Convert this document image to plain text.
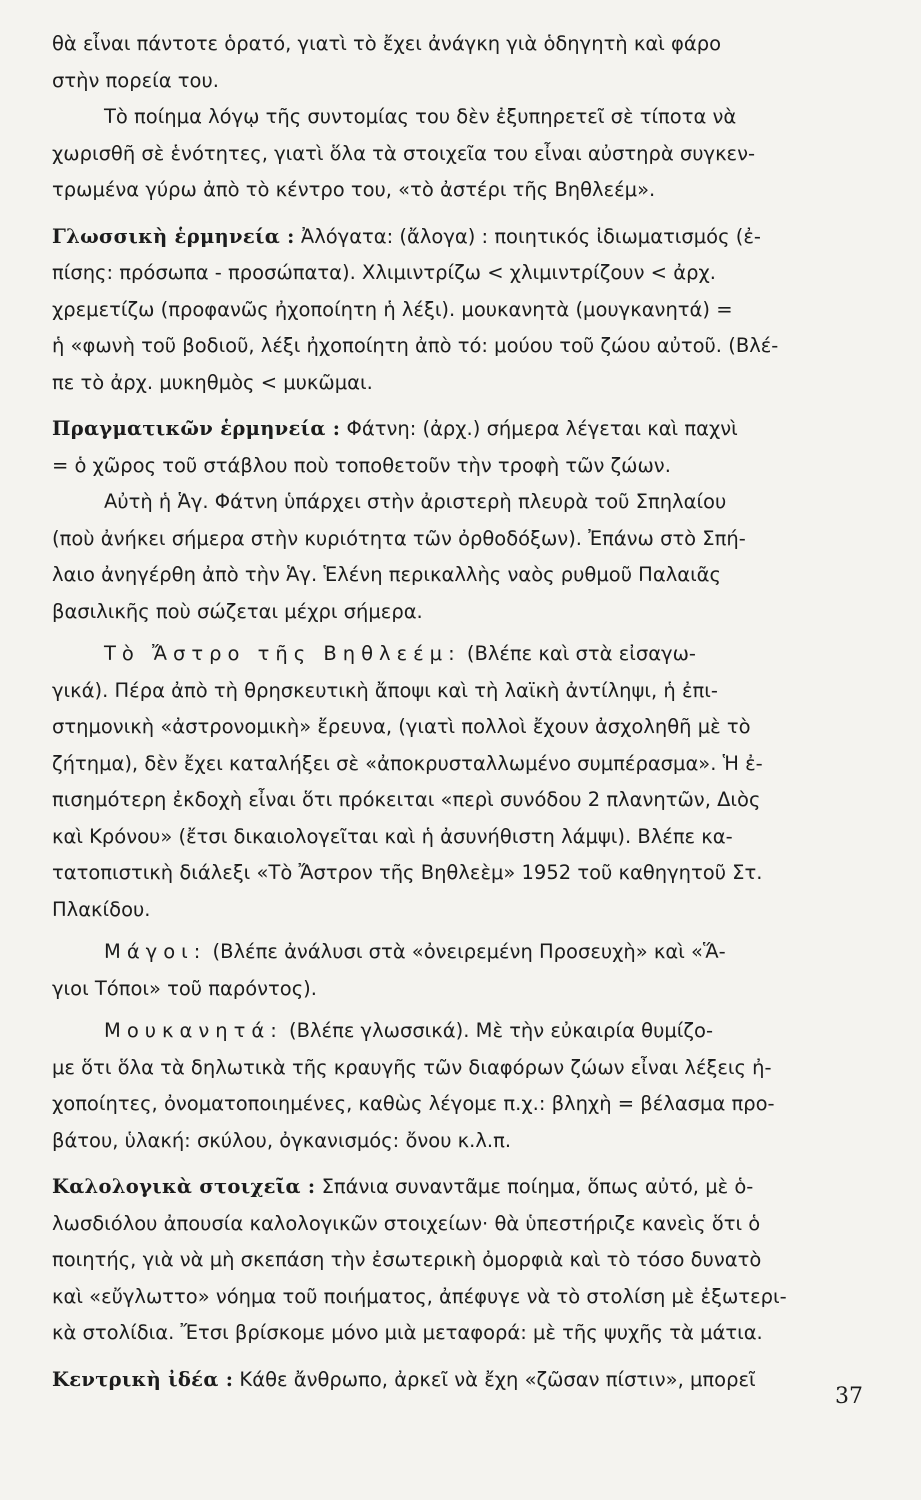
θὰ εἶναι πάντοτε ὁρατό, γιατὶ τὸ ἔχει ἀνάγκη γιὰ ὁδηγητὴ καὶ φάρο
στὴν πορεία του.
Τὸ ποίημα λόγῳ τῆς συντομίας του δὲν ἐξυπηρετεῖ σὲ τίποτα νὰ
χωρισθῆ σὲ ἑνότητες, γιατὶ ὅλα τὰ στοιχεῖα του εἶναι αὐστηρὰ συγκεν-
τρωμένα γύρω ἀπὸ τὸ κέντρο του, «τὸ ἀστέρι τῆς Βηθλεέμ».
Γλωσσικὴ ἑρμηνεία : Ἀλόγατα: (ἄλογα) : ποιητικός ἰδιωματισμός (ἐ-
πίσης: πρόσωπα - προσώπατα). Χλιμιντρίζω < χλιμιντρίζουν < ἀρχ.
χρεμετίζω (προφανῶς ἠχοποίητη ἡ λέξι). μουκανητὰ (μουγκανητά) =
ἡ «φωνὴ τοῦ βοδιοῦ, λέξι ἠχοποίητη ἀπὸ τό: μούου τοῦ ζώου αὐτοῦ. (Βλέ-
πε τὸ ἀρχ. μυκηθμὸς < μυκῶμαι.
Πραγματικῶν ἑρμηνεία : Φάτνη: (ἀρχ.) σήμερα λέγεται καὶ παχνὶ
= ὁ χῶρος τοῦ στάβλου ποὺ τοποθετοῦν τὴν τροφὴ τῶν ζώων.
Αὐτὴ ἡ Ἁγ. Φάτνη ὑπάρχει στὴν ἀριστερὴ πλευρὰ τοῦ Σπηλαίου
(ποὺ ἀνήκει σήμερα στὴν κυριότητα τῶν ὀρθοδόξων). Ἐπάνω στὸ Σπή-
λαιο ἀνηγέρθη ἀπὸ τὴν Ἁγ. Ἑλένη περικαλλὴς ναὸς ρυθμοῦ Παλαιᾶς
βασιλικῆς ποὺ σώζεται μέχρι σήμερα.
Τὸ Ἄστρο τῆς Βηθλεέμ: (Βλέπε καὶ στὰ εἰσαγω-
γικά). Πέρα ἀπὸ τὴ θρησκευτικὴ ἄποψι καὶ τὴ λαϊκὴ ἀντίληψι, ἡ ἐπι-
στημονικὴ «ἀστρονομικὴ» ἔρευνα, (γιατὶ πολλοὶ ἔχουν ἀσχοληθῆ μὲ τὸ
ζήτημα), δὲν ἔχει καταλήξει σὲ «ἀποκρυσταλλωμένο συμπέρασμα». Ἡ ἐ-
πισημότερη ἐκδοχὴ εἶναι ὅτι πρόκειται «περὶ συνόδου 2 πλανητῶν, Διὸς
καὶ Κρόνου» (ἔτσι δικαιολογεῖται καὶ ἡ ἀσυνήθιστη λάμψι). Βλέπε κα-
τατοπιστικὴ διάλεξι «Τὸ Ἄστρον τῆς Βηθλεὲμ» 1952 τοῦ καθηγητοῦ Στ.
Πλακίδου.
Μάγοι: (Βλέπε ἀνάλυσι στὰ «ὀνειρεμένη Προσευχὴ» καὶ «Ἅ-
γιοι Τόποι» τοῦ παρόντος).
Μουκανητά: (Βλέπε γλωσσικά). Μὲ τὴν εὐκαιρία θυμίζο-
με ὅτι ὅλα τὰ δηλωτικὰ τῆς κραυγῆς τῶν διαφόρων ζώων εἶναι λέξεις ἠ-
χοποίητες, ὀνοματοποιημένες, καθὼς λέγομε π.χ.: βληχὴ = βέλασμα προ-
βάτου, ὑλακή: σκύλου, ὀγκανισμός: ὄνου κ.λ.π.
Καλολογικὰ στοιχεῖα : Σπάνια συναντᾶμε ποίημα, ὅπως αὐτό, μὲ ὁ-
λωσδιόλου ἀπουσία καλολογικῶν στοιχείων· θὰ ὑπεστήριζε κανεὶς ὅτι ὁ
ποιητής, γιὰ νὰ μὴ σκεπάση τὴν ἐσωτερικὴ ὀμορφιὰ καὶ τὸ τόσο δυνατὸ
καὶ «εὔγλωττο» νόημα τοῦ ποιήματος, ἀπέφυγε νὰ τὸ στολίση μὲ ἐξωτερι-
κὰ στολίδια. Ἔτσι βρίσκομε μόνο μιὰ μεταφορά: μὲ τῆς ψυχῆς τὰ μάτια.
Κεντρικὴ ἰδέα : Κάθε ἄνθρωπο, ἀρκεῖ νὰ ἔχη «ζῶσαν πίστιν», μπορεῖ
37
